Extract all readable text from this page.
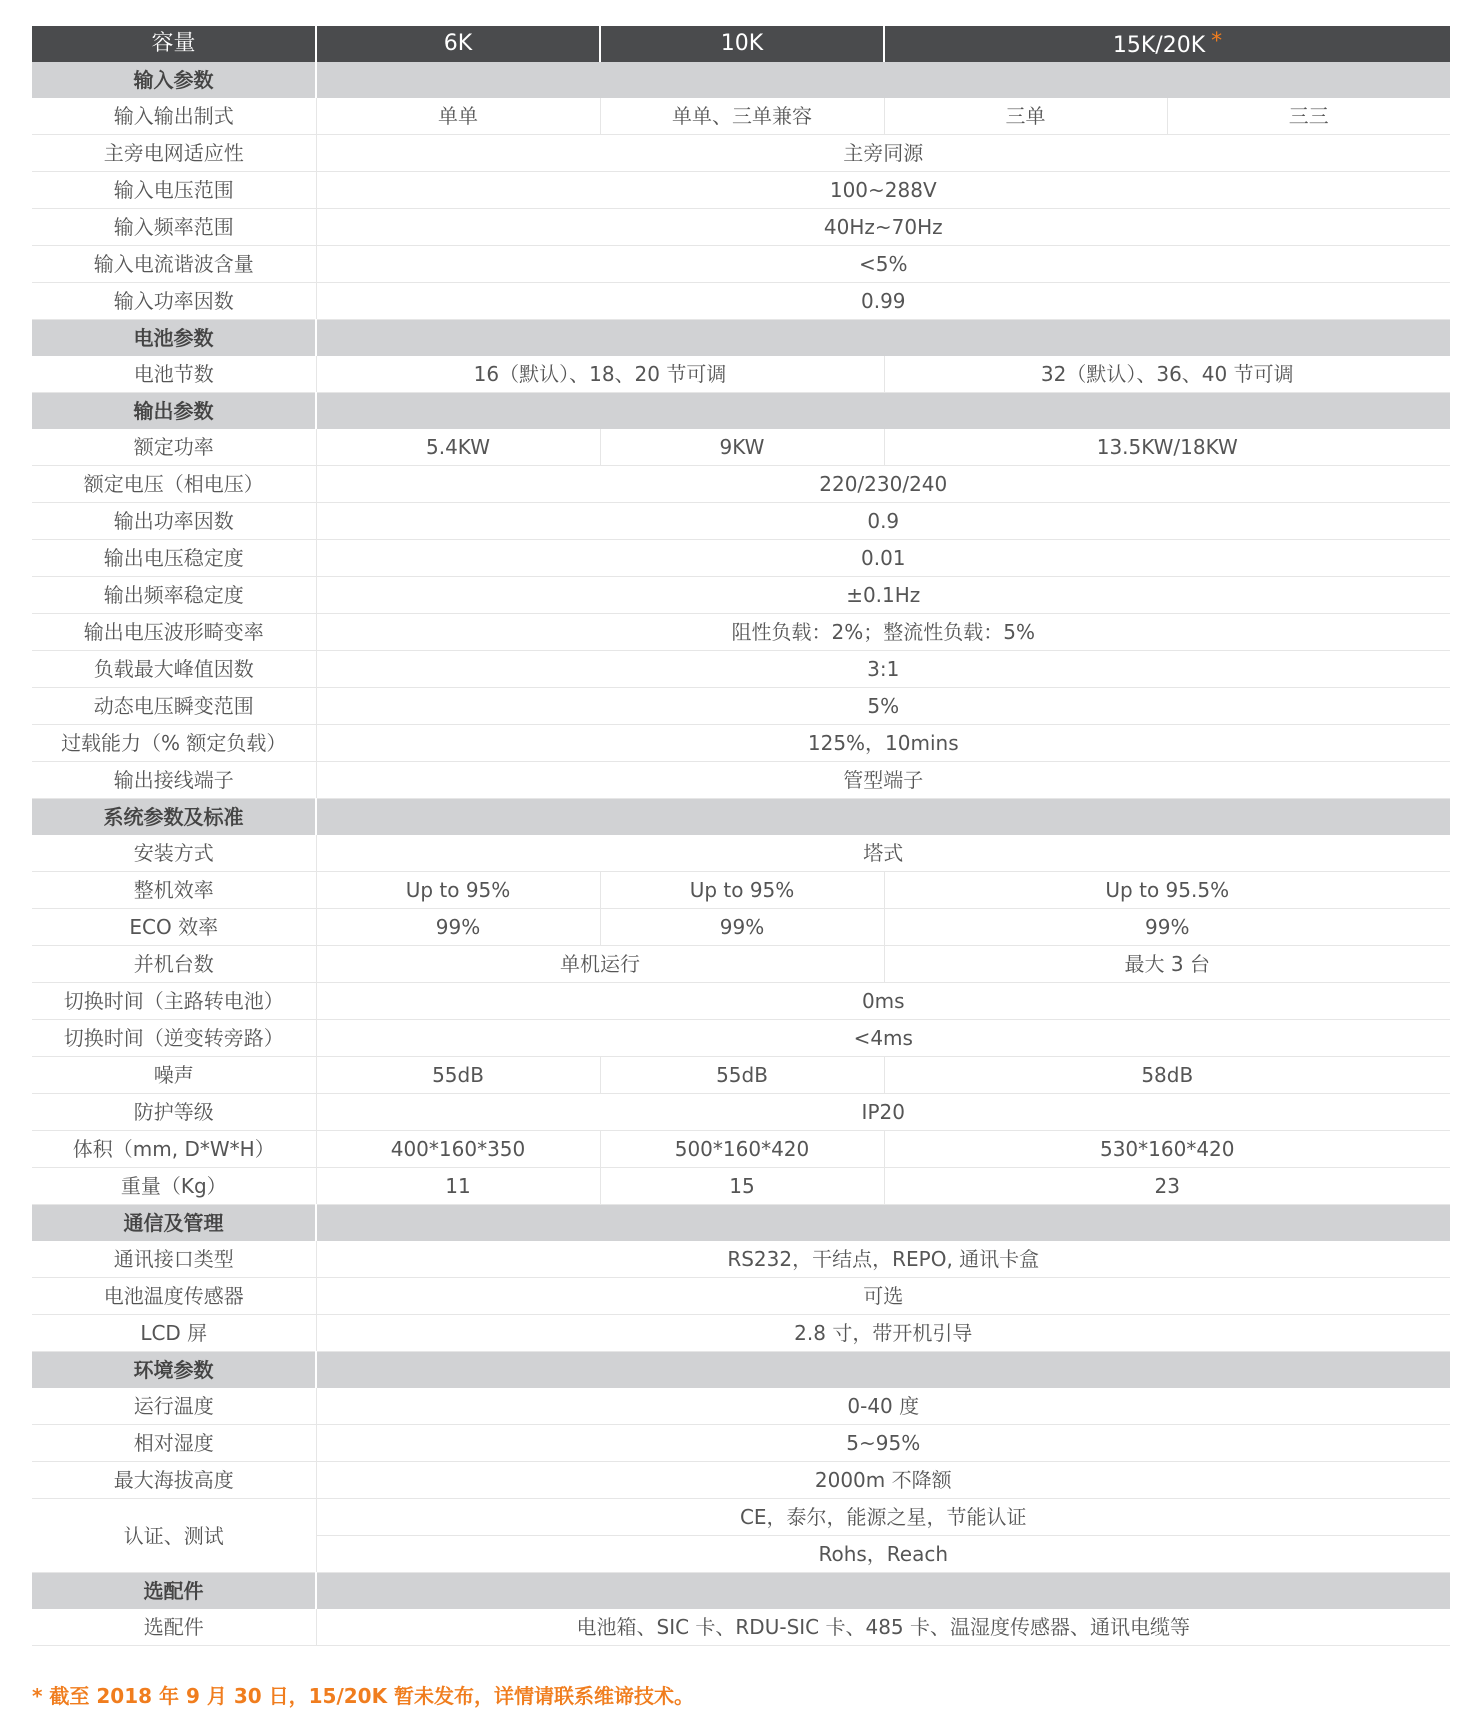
容量	6K	10K	15K/20K *	
输入参数				
输入输出制式	单单	单单、三单兼容	三单	三三
主旁电网适应性	主旁同源			
输入电压范围	100~288V			
输入频率范围	40Hz~70Hz			
输入电流谐波含量	<5%			
输入功率因数	0.99			
电池参数				
电池节数	16（默认）、18、20 节可调		32（默认）、36、40 节可调	
输出参数				
额定功率	5.4KW	9KW	13.5KW/18KW	
额定电压（相电压）	220/230/240			
输出功率因数	0.9			
输出电压稳定度	0.01			
输出频率稳定度	±0.1Hz			
输出电压波形畸变率	阻性负载：2%；整流性负载：5%			
负载最大峰值因数	3:1			
动态电压瞬变范围	5%			
过载能力（% 额定负载）	125%，10mins			
输出接线端子	管型端子			
系统参数及标准				
安装方式	塔式			
整机效率	Up to 95%	Up to 95%	Up to 95.5%	
ECO 效率	99%	99%	99%	
并机台数	单机运行		最大 3 台	
切换时间（主路转电池）	0ms			
切换时间（逆变转旁路）	<4ms			
噪声	55dB	55dB	58dB	
防护等级	IP20			
体积（mm, D*W*H）	400*160*350	500*160*420	530*160*420	
重量（Kg）	11	15	23	
通信及管理				
通讯接口类型	RS232，干结点，REPO, 通讯卡盒			
电池温度传感器	可选			
LCD 屏	2.8 寸，带开机引导			
环境参数				
运行温度	0-40 度			
相对湿度	5~95%			
最大海拔高度	2000m 不降额			
认证、测试	CE，泰尔，能源之星，节能认证			
	Rohs，Reach			
选配件				
选配件	电池箱、SIC 卡、RDU-SIC 卡、485 卡、温湿度传感器、通讯电缆等			
* 截至 2018 年 9 月 30 日，15/20K 暂未发布，详情请联系维谛技术。
